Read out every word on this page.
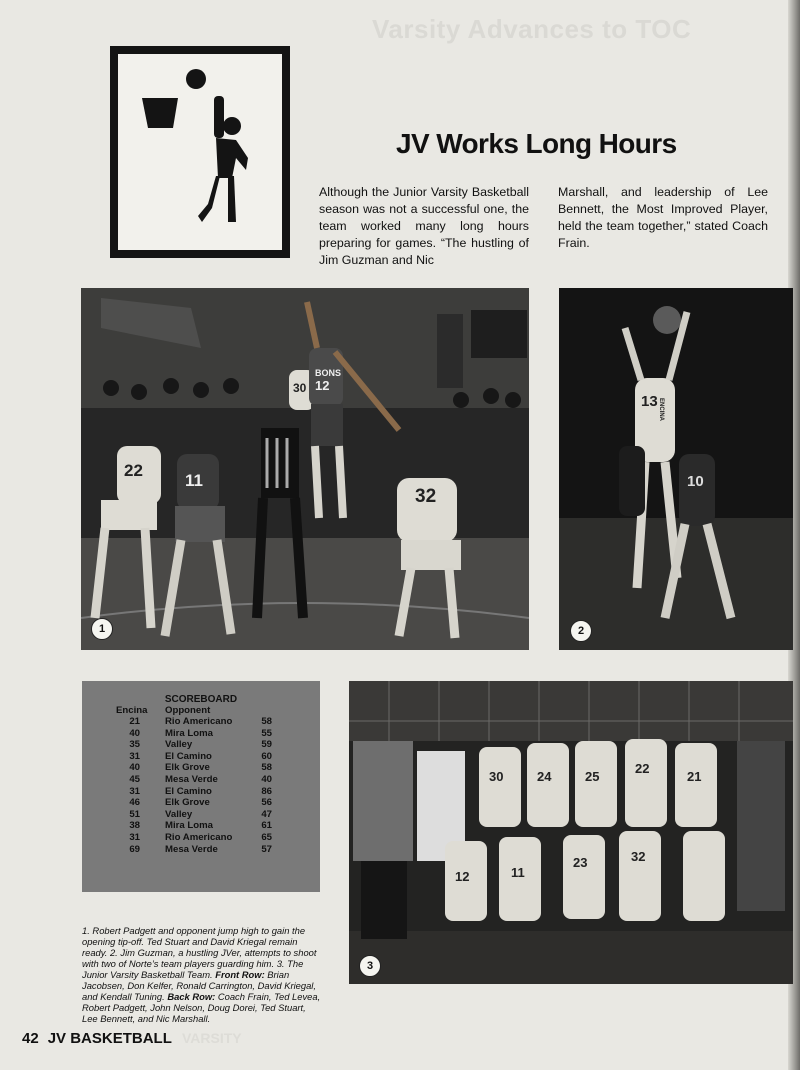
Varsity Advances to TOC
JV Works Long Hours
Although the Junior Varsity Basketball season was not a successful one, the team worked many long hours preparing for games. “The hustling of Jim Guzman and Nic
Marshall, and leadership of Lee Bennett, the Most Improved Player, held the team together,” stated Coach Frain.
22
11
30
BONS
12
32
1
13 ENCINA
10
2
SCOREBOARD
Encina Opponent
21	Rio Americano	58
40	Mira Loma	55
35	Valley	59
31	El Camino	60
40	Elk Grove	58
45	Mesa Verde	40
31	El Camino	86
46	Elk Grove	56
51	Valley	47
38	Mira Loma	61
31	Rio Americano	65
69	Mesa Verde	57
30	24	25
22
21
12	11
23	32
3
1. Robert Padgett and opponent jump high to gain the opening tip-off. Ted Stuart and David Kriegal remain ready. 2. Jim Guzman, a hustling JVer, attempts to shoot with two of Norte’s team players guarding him. 3. The Junior Varsity Basketball Team. Front Row: Brian Jacobsen, Don Kelfer, Ronald Carrington, David Kriegal, and Kendall Tuning. Back Row: Coach Frain, Ted Levea, Robert Padgett, John Nelson, Doug Dorei, Ted Stuart, Lee Bennett, and Nic Marshall.
42 JV BASKETBALL VARSITY
